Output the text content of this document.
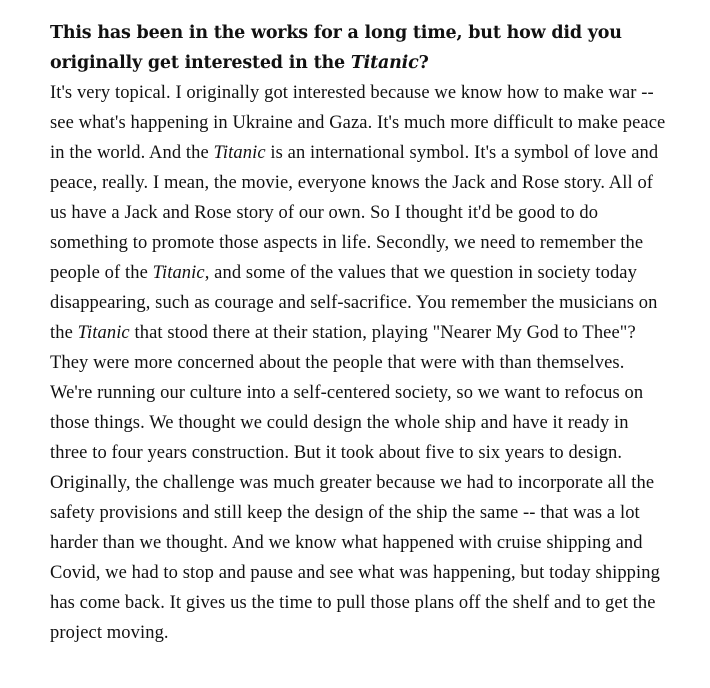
This has been in the works for a long time, but how did you originally get interested in the Titanic?

It's very topical. I originally got interested because we know how to make war -- see what's happening in Ukraine and Gaza. It's much more difficult to make peace in the world. And the Titanic is an international symbol. It's a symbol of love and peace, really. I mean, the movie, everyone knows the Jack and Rose story. All of us have a Jack and Rose story of our own. So I thought it'd be good to do something to promote those aspects in life. Secondly, we need to remember the people of the Titanic, and some of the values that we question in society today disappearing, such as courage and self-sacrifice. You remember the musicians on the Titanic that stood there at their station, playing "Nearer My God to Thee"? They were more concerned about the people that were with than themselves. We're running our culture into a self-centered society, so we want to refocus on those things. We thought we could design the whole ship and have it ready in three to four years construction. But it took about five to six years to design. Originally, the challenge was much greater because we had to incorporate all the safety provisions and still keep the design of the ship the same -- that was a lot harder than we thought. And we know what happened with cruise shipping and Covid, we had to stop and pause and see what was happening, but today shipping has come back. It gives us the time to pull those plans off the shelf and to get the project moving.
